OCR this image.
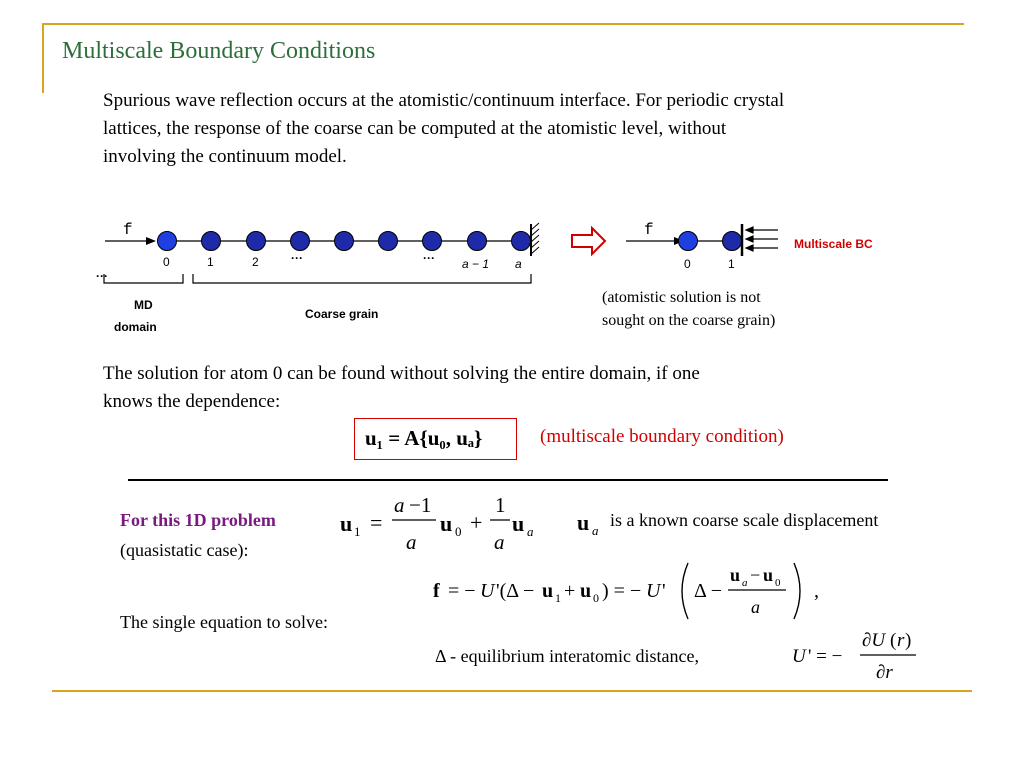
Multiscale Boundary Conditions
Spurious wave reflection occurs at the atomistic/continuum interface. For periodic crystal
lattices, the response of the coarse can be computed at the atomistic level, without
involving the continuum model.
f
0	1	2	···	··· a − 1 a
···
MD
domain
Coarse grain
f
0	1
Multiscale BC
(atomistic solution is not
sought on the coarse grain)
The solution for atom 0 can be found without solving the entire domain, if one
knows the dependence:
u₁ = A{u₀, uₐ}	(multiscale boundary condition)
For this 1D problem
(quasistatic case):
u 1 =
a −1
a
u 0 +
1
a
u a u a
is a known coarse scale displacement
f = − U '(Δ − u 1 + u 0 ) = − U ' Δ −
u a − u 0
a
,
The single equation to solve:
Δ - equilibrium interatomic distance,	U ' = −
∂U ( r )
∂r
